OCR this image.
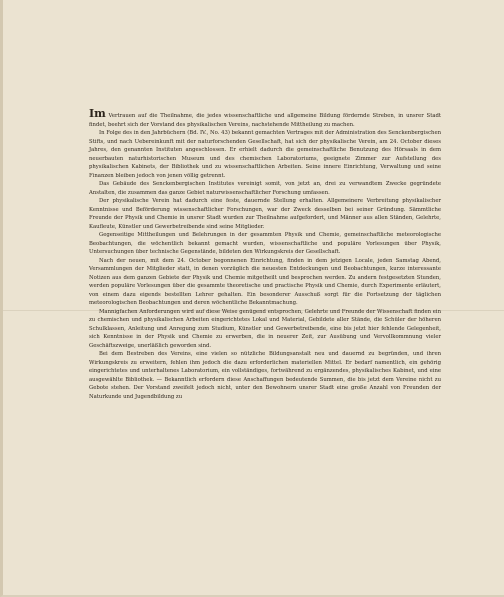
Im Vertrauen auf die Theilnahme, die jedes wissenschaftliche und allgemeine Bildung fördernde Streben, in unsrer Stadt findet, beehrt sich der Vorstand des physikalischen Vereins, nachstehende Mittheilung zu machen.

In Folge des in den Jahrbüchern (Bd. IV., No. 43) bekannt gemachten Vertrages mit der Administration des Senckenbergischen Stifts, und nach Uebereinkunft mit der naturforschenden Gesellschaft, hat sich der physikalische Verein, am 24. October dieses Jahres, den genannten Instituten angeschlossen. Er erhielt dadurch die gemeinschaftliche Benutzung des Hörsaals in dem neuerbauten naturhistorischen Museum und des chemischen Laboratoriums, geeignete Zimmer zur Aufstellung des physikalischen Kabinets, der Bibliothek und zu wissenschaftlichen Arbeiten. Seine innere Einrichtung, Verwaltung und seine Finanzen bleiben jedoch von jenen völlig getrennt.

Das Gebäude des Senckenbergischen Institutes vereinigt somit, von jetzt an, drei zu verwandtem Zwecke gegründete Anstalten, die zusammen das ganze Gebiet naturwissenschaftlicher Forschung umfassen.

Der physikalische Verein hat dadurch eine feste, dauernde Stellung erhalten. Allgemeinere Verbreitung physikalischer Kenntnisse und Beförderung wissenschaftlicher Forschungen, war der Zweck desselben bei seiner Gründung. Sämmtliche Freunde der Physik und Chemie in unsrer Stadt wurden zur Theilnahme aufgefordert, und Männer aus allen Ständen, Gelehrte, Kaufleute, Künstler und Gewerbetreibende sind seine Mitglieder.

Gegenseitige Mittheilungen und Belehrungen in der gesammten Physik und Chemie, gemeinschaftliche meteorologische Beobachtungen, die wöchentlich bekannt gemacht wurden, wissenschaftliche und populäre Vorlesungen über Physik, Untersuchungen über technische Gegenstände, bildeten den Wirkungskreis der Gesellschaft.

Nach der neuen, mit dem 24. October begonnenen Einrichtung, finden in dem jetzigen Locale, jeden Samstag Abend, Versammlungen der Mitglieder statt, in denen vorzüglich die neuesten Entdeckungen und Beobachtungen, kurze interessante Notizen aus dem ganzen Gebiete der Physik und Chemie mitgetheilt und besprochen werden. Zu andern festgesetzten Stunden, werden populäre Vorlesungen über die gesammte theoretische und practische Physik und Chemie, durch Experimente erläutert, von einem dazu eigends bestellten Lehrer gehalten. Ein besonderer Ausschuß sorgt für die Fortsetzung der täglichen meteorologischen Beobachtungen und deren wöchentliche Bekanntmachung.

Mannigfachen Anforderungen wird auf diese Weise genügend entsprochen, Gelehrte und Freunde der Wissenschaft finden ein zu chemischen und physikalischen Arbeiten eingerichtetes Lokal und Material, Gebildete aller Stände, die Schüler der höheren Schulklassen, Anleitung und Anregung zum Studium, Künstler und Gewerbetreibende, eine bis jetzt hier fehlende Gelegenheit, sich Kenntnisse in der Physik und Chemie zu erwerben, die in neuerer Zeit, zur Ausübung und Vervollkommnung vieler Geschäftszweige, unerläßlich geworden sind.

Bei dem Bestreben des Vereins, eine vielen so nützliche Bildungsanstalt neu und dauernd zu begründen, und ihren Wirkungskreis zu erweitern, fehlen ihm jedoch die dazu erforderlichen materiellen Mittel. Er bedarf namentlich, ein gehörig eingerichtetes und unterhaltenes Laboratorium, ein vollständiges, fortwährend zu ergänzendes, physikalisches Kabinet, und eine ausgewählte Bibliothek. — Bekanntlich erfordern diese Anschaffungen bedeutende Summen, die bis jetzt dem Vereine nicht zu Gebote stehen. Der Vorstand zweifelt jedoch nicht, unter den Bewohnern unsrer Stadt eine große Anzahl von Freunden der Naturkunde und Jugendbildung zu
